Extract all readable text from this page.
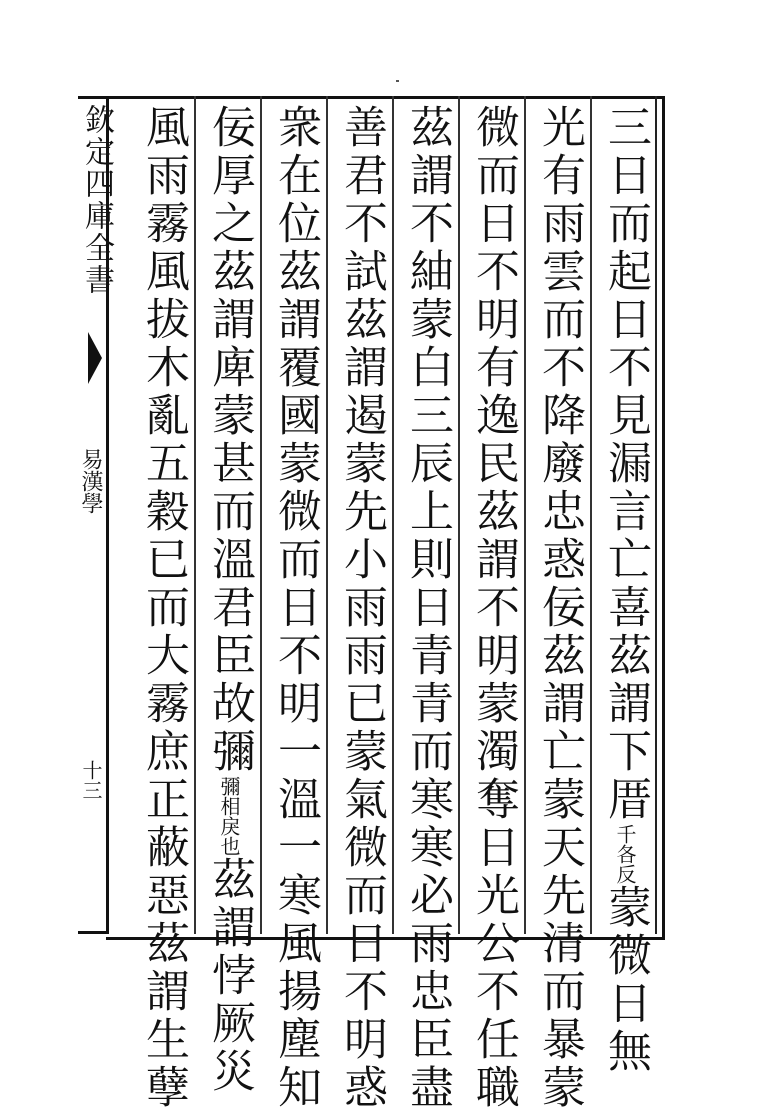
欽定四庫全書
易漢學
十三	三日而起日不見漏言亡喜茲謂下厝千各反蒙微日無
光有雨雲而不降廢忠惑佞茲謂亡蒙天先清而暴蒙
微而日不明有逸民茲謂不明蒙濁奪日光公不任職
茲謂不紬蒙白三辰上則日青青而寒寒必雨忠臣盡
善君不試茲謂遏蒙先小雨雨已蒙氣微而日不明惑
衆在位茲謂覆國蒙微而日不明一溫一寒風揚塵知
佞厚之茲謂庳蒙甚而溫君臣故彌彌相戾也茲謂悖厥災
風雨霧風拔木亂五穀已而大霧庶正蔽惡茲謂生孽
